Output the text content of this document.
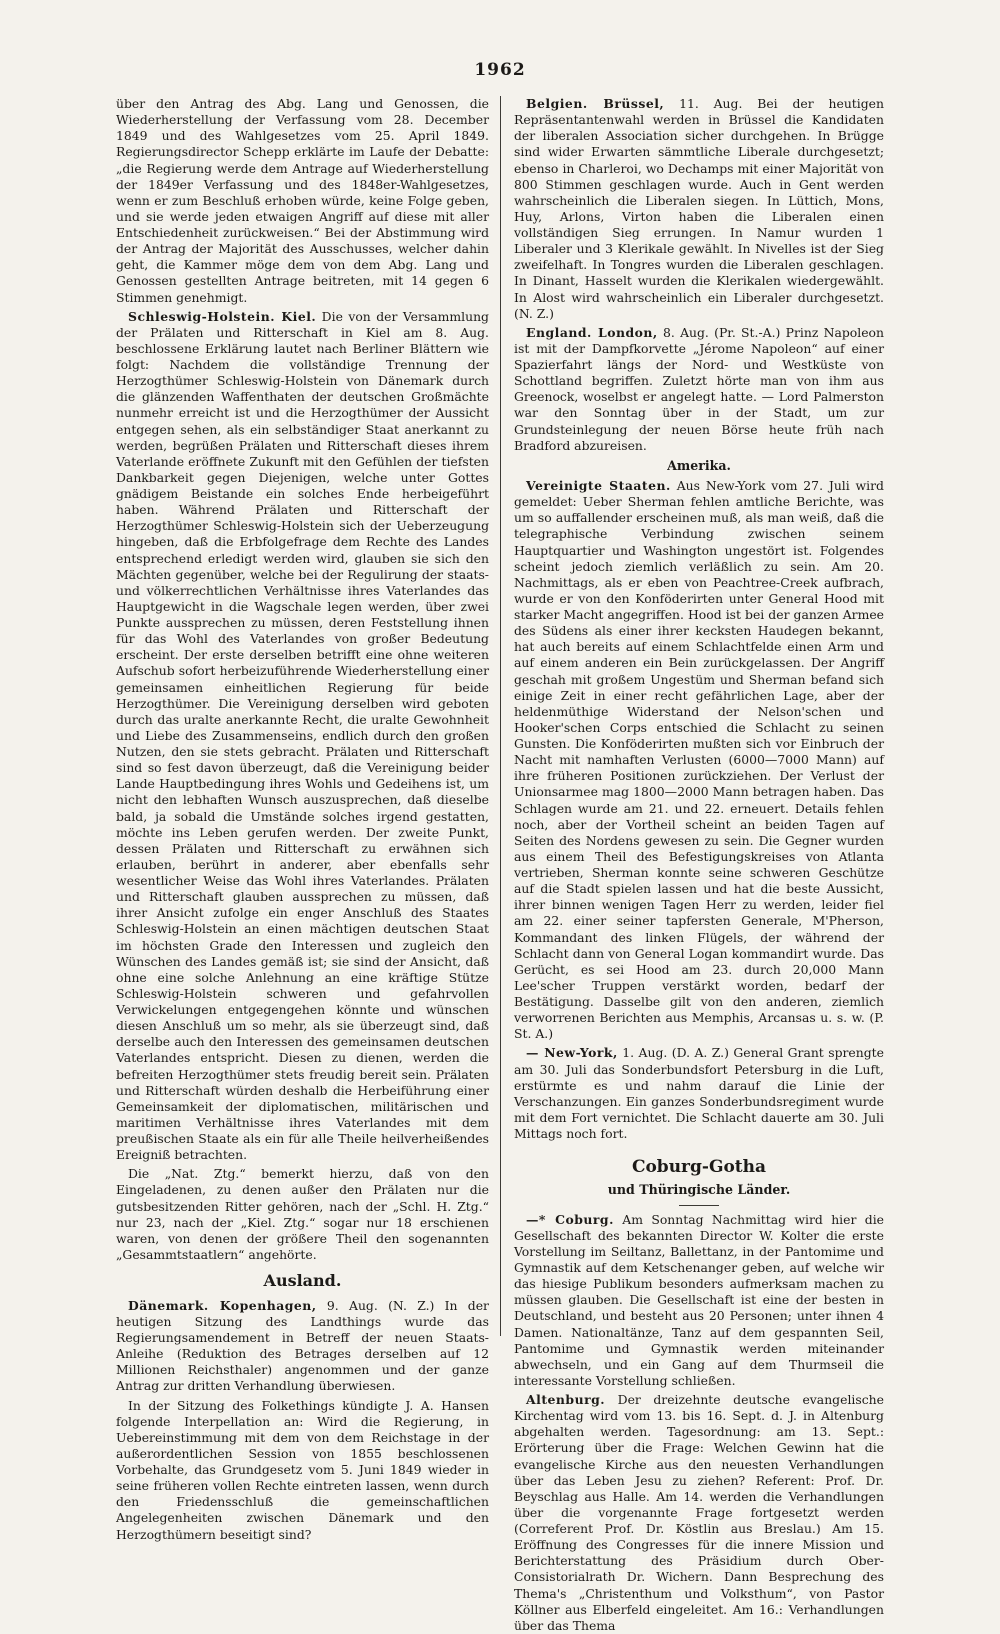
1962

über den Antrag des Abg. Lang und Genossen, die Wiederherstellung der Verfassung vom 28. December 1849 und des Wahlgesetzes vom 25. April 1849. Regierungsdirector Schepp erklärte im Laufe der Debatte: „die Regierung werde dem Antrage auf Wiederherstellung der 1849er Verfassung und des 1848er-Wahlgesetzes, wenn er zum Beschluß erhoben würde, keine Folge geben, und sie werde jeden etwaigen Angriff auf diese mit aller Entschiedenheit zurückweisen.“ Bei der Abstimmung wird der Antrag der Majorität des Ausschusses, welcher dahin geht, die Kammer möge dem von dem Abg. Lang und Genossen gestellten Antrage beitreten, mit 14 gegen 6 Stimmen genehmigt.

Schleswig-Holstein. Kiel. Die von der Versammlung der Prälaten und Ritterschaft in Kiel am 8. Aug. beschlossene Erklärung lautet nach Berliner Blättern wie folgt: Nachdem die vollständige Trennung der Herzogthümer Schleswig-Holstein von Dänemark durch die glänzenden Waffenthaten der deutschen Großmächte nunmehr erreicht ist und die Herzogthümer der Aussicht entgegen sehen, als ein selbständiger Staat anerkannt zu werden, begrüßen Prälaten und Ritterschaft dieses ihrem Vaterlande eröffnete Zukunft mit den Gefühlen der tiefsten Dankbarkeit gegen Diejenigen, welche unter Gottes gnädigem Beistande ein solches Ende herbeigeführt haben. Während Prälaten und Ritterschaft der Herzogthümer Schleswig-Holstein sich der Ueberzeugung hingeben, daß die Erbfolgefrage dem Rechte des Landes entsprechend erledigt werden wird, glauben sie sich den Mächten gegenüber, welche bei der Regulirung der staats- und völkerrechtlichen Verhältnisse ihres Vaterlandes das Hauptgewicht in die Wagschale legen werden, über zwei Punkte aussprechen zu müssen, deren Feststellung ihnen für das Wohl des Vaterlandes von großer Bedeutung erscheint. Der erste derselben betrifft eine ohne weiteren Aufschub sofort herbeizuführende Wiederherstellung einer gemeinsamen einheitlichen Regierung für beide Herzogthümer. Die Vereinigung derselben wird geboten durch das uralte anerkannte Recht, die uralte Gewohnheit und Liebe des Zusammenseins, endlich durch den großen Nutzen, den sie stets gebracht. Prälaten und Ritterschaft sind so fest davon überzeugt, daß die Vereinigung beider Lande Hauptbedingung ihres Wohls und Gedeihens ist, um nicht den lebhaften Wunsch auszusprechen, daß dieselbe bald, ja sobald die Umstände solches irgend gestatten, möchte ins Leben gerufen werden. Der zweite Punkt, dessen Prälaten und Ritterschaft zu erwähnen sich erlauben, berührt in anderer, aber ebenfalls sehr wesentlicher Weise das Wohl ihres Vaterlandes. Prälaten und Ritterschaft glauben aussprechen zu müssen, daß ihrer Ansicht zufolge ein enger Anschluß des Staates Schleswig-Holstein an einen mächtigen deutschen Staat im höchsten Grade den Interessen und zugleich den Wünschen des Landes gemäß ist; sie sind der Ansicht, daß ohne eine solche Anlehnung an eine kräftige Stütze Schleswig-Holstein schweren und gefahrvollen Verwickelungen entgegengehen könnte und wünschen diesen Anschluß um so mehr, als sie überzeugt sind, daß derselbe auch den Interessen des gemeinsamen deutschen Vaterlandes entspricht. Diesen zu dienen, werden die befreiten Herzogthümer stets freudig bereit sein. Prälaten und Ritterschaft würden deshalb die Herbeiführung einer Gemeinsamkeit der diplomatischen, militärischen und maritimen Verhältnisse ihres Vaterlandes mit dem preußischen Staate als ein für alle Theile heilverheißendes Ereigniß betrachten.

Die „Nat. Ztg.“ bemerkt hierzu, daß von den Eingeladenen, zu denen außer den Prälaten nur die gutsbesitzenden Ritter gehören, nach der „Schl. H. Ztg.“ nur 23, nach der „Kiel. Ztg.“ sogar nur 18 erschienen waren, von denen der größere Theil den sogenannten „Gesammtstaatlern“ angehörte.

Ausland.

Dänemark. Kopenhagen, 9. Aug. (N. Z.) In der heutigen Sitzung des Landthings wurde das Regierungsamendement in Betreff der neuen Staats-Anleihe (Reduktion des Betrages derselben auf 12 Millionen Reichsthaler) angenommen und der ganze Antrag zur dritten Verhandlung überwiesen.

In der Sitzung des Folkethings kündigte J. A. Hansen folgende Interpellation an: Wird die Regierung, in Uebereinstimmung mit dem von dem Reichstage in der außerordentlichen Session von 1855 beschlossenen Vorbehalte, das Grundgesetz vom 5. Juni 1849 wieder in seine früheren vollen Rechte eintreten lassen, wenn durch den Friedensschluß die gemeinschaftlichen Angelegenheiten zwischen Dänemark und den Herzogthümern beseitigt sind?

Belgien. Brüssel, 11. Aug. Bei der heutigen Repräsentantenwahl werden in Brüssel die Kandidaten der liberalen Association sicher durchgehen. In Brügge sind wider Erwarten sämmtliche Liberale durchgesetzt; ebenso in Charleroi, wo Dechamps mit einer Majorität von 800 Stimmen geschlagen wurde. Auch in Gent werden wahrscheinlich die Liberalen siegen. In Lüttich, Mons, Huy, Arlons, Virton haben die Liberalen einen vollständigen Sieg errungen. In Namur wurden 1 Liberaler und 3 Klerikale gewählt. In Nivelles ist der Sieg zweifelhaft. In Tongres wurden die Liberalen geschlagen. In Dinant, Hasselt wurden die Klerikalen wiedergewählt. In Alost wird wahrscheinlich ein Liberaler durchgesetzt. (N. Z.)

England. London, 8. Aug. (Pr. St.-A.) Prinz Napoleon ist mit der Dampfkorvette „Jérome Napoleon“ auf einer Spazierfahrt längs der Nord- und Westküste von Schottland begriffen. Zuletzt hörte man von ihm aus Greenock, woselbst er angelegt hatte. — Lord Palmerston war den Sonntag über in der Stadt, um zur Grundsteinlegung der neuen Börse heute früh nach Bradford abzureisen.

Amerika.

Vereinigte Staaten. Aus New-York vom 27. Juli wird gemeldet: Ueber Sherman fehlen amtliche Berichte, was um so auffallender erscheinen muß, als man weiß, daß die telegraphische Verbindung zwischen seinem Hauptquartier und Washington ungestört ist. Folgendes scheint jedoch ziemlich verläßlich zu sein. Am 20. Nachmittags, als er eben von Peachtree-Creek aufbrach, wurde er von den Konföderirten unter General Hood mit starker Macht angegriffen. Hood ist bei der ganzen Armee des Südens als einer ihrer kecksten Haudegen bekannt, hat auch bereits auf einem Schlachtfelde einen Arm und auf einem anderen ein Bein zurückgelassen. Der Angriff geschah mit großem Ungestüm und Sherman befand sich einige Zeit in einer recht gefährlichen Lage, aber der heldenmüthige Widerstand der Nelson'schen und Hooker'schen Corps entschied die Schlacht zu seinen Gunsten. Die Konföderirten mußten sich vor Einbruch der Nacht mit namhaften Verlusten (6000—7000 Mann) auf ihre früheren Positionen zurückziehen. Der Verlust der Unionsarmee mag 1800—2000 Mann betragen haben. Das Schlagen wurde am 21. und 22. erneuert. Details fehlen noch, aber der Vortheil scheint an beiden Tagen auf Seiten des Nordens gewesen zu sein. Die Gegner wurden aus einem Theil des Befestigungskreises von Atlanta vertrieben, Sherman konnte seine schweren Geschütze auf die Stadt spielen lassen und hat die beste Aussicht, ihrer binnen wenigen Tagen Herr zu werden, leider fiel am 22. einer seiner tapfersten Generale, M'Pherson, Kommandant des linken Flügels, der während der Schlacht dann von General Logan kommandirt wurde. Das Gerücht, es sei Hood am 23. durch 20,000 Mann Lee'scher Truppen verstärkt worden, bedarf der Bestätigung. Dasselbe gilt von den anderen, ziemlich verworrenen Berichten aus Memphis, Arcansas u. s. w. (P. St. A.)

— New-York, 1. Aug. (D. A. Z.) General Grant sprengte am 30. Juli das Sonderbundsfort Petersburg in die Luft, erstürmte es und nahm darauf die Linie der Verschanzungen. Ein ganzes Sonderbundsregiment wurde mit dem Fort vernichtet. Die Schlacht dauerte am 30. Juli Mittags noch fort.

Coburg-Gotha
und Thüringische Länder.

—* Coburg. Am Sonntag Nachmittag wird hier die Gesellschaft des bekannten Director W. Kolter die erste Vorstellung im Seiltanz, Ballettanz, in der Pantomime und Gymnastik auf dem Ketschenanger geben, auf welche wir das hiesige Publikum besonders aufmerksam machen zu müssen glauben. Die Gesellschaft ist eine der besten in Deutschland, und besteht aus 20 Personen; unter ihnen 4 Damen. Nationaltänze, Tanz auf dem gespannten Seil, Pantomime und Gymnastik werden miteinander abwechseln, und ein Gang auf dem Thurmseil die interessante Vorstellung schließen.

Altenburg. Der dreizehnte deutsche evangelische Kirchentag wird vom 13. bis 16. Sept. d. J. in Altenburg abgehalten werden. Tagesordnung: am 13. Sept.: Erörterung über die Frage: Welchen Gewinn hat die evangelische Kirche aus den neuesten Verhandlungen über das Leben Jesu zu ziehen? Referent: Prof. Dr. Beyschlag aus Halle. Am 14. werden die Verhandlungen über die vorgenannte Frage fortgesetzt werden (Correferent Prof. Dr. Köstlin aus Breslau.) Am 15. Eröffnung des Congresses für die innere Mission und Berichterstattung des Präsidium durch Ober-Consistorialrath Dr. Wichern. Dann Besprechung des Thema's „Christenthum und Volksthum“, von Pastor Köllner aus Elberfeld eingeleitet. Am 16.: Verhandlungen über das Thema
